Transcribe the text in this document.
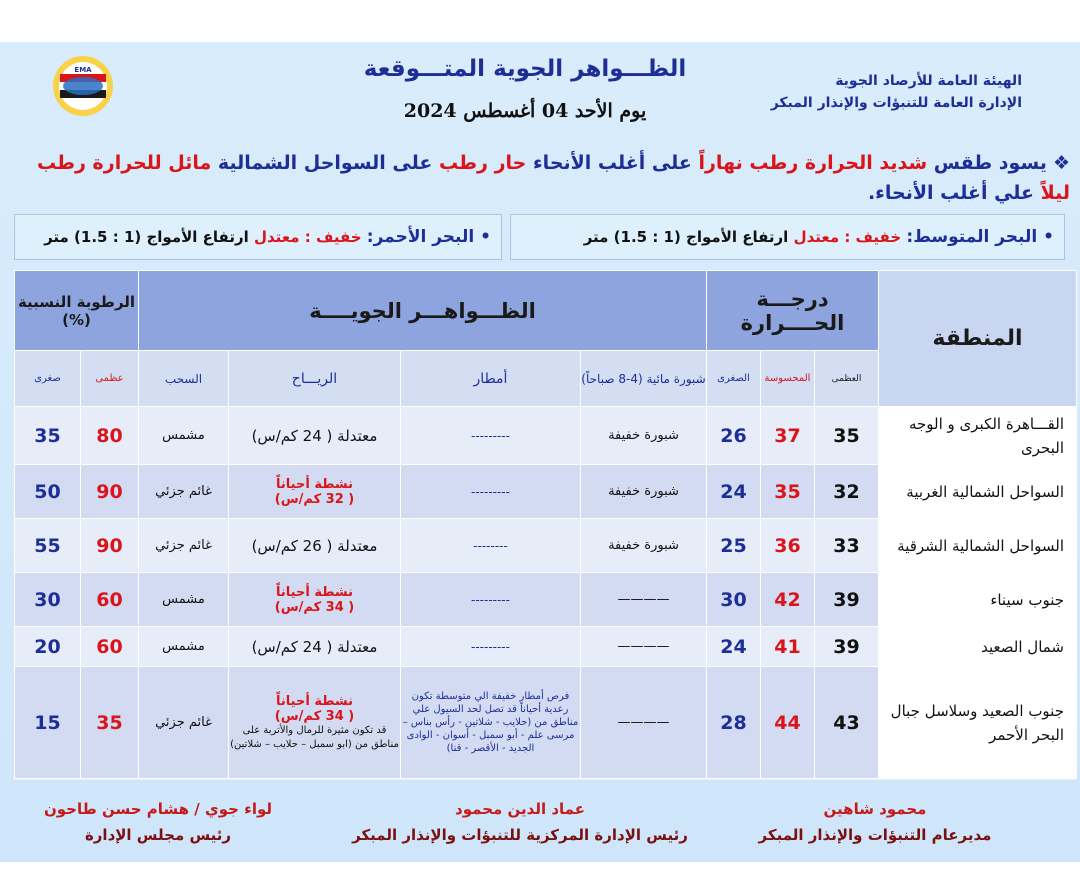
EMA
الهيئة العامة للأرصاد الجوية
الإدارة العامة للتنبؤات والإنذار المبكر
الظـــواهر الجوية المتـــوقعة
يوم الأحد 04 أغسطس 2024
❖يسود طقس شديد الحرارة رطب نهاراً على أغلب الأنحاء حار رطب على السواحل الشمالية مائل للحرارة رطب ليلاً علي أغلب الأنحاء.
• البحر المتوسط:

خفيف : معتدل

ارتفاع الأمواج (1 : 1.5) متر
• البحر الأحمر:

خفيف : معتدل

ارتفاع الأمواج (1 : 1.5) متر
المنطقة	درجـــة الحــــرارة			الظـــواهـــر الجويــــة				الرطوبة النسبية (%)	
	العظمى	المحسوسة	الصغرى	شبورة مائية (4-8 صباحاً)	أمطار	الريـــاح	السحب	عظمى	صغرى
القـــاهرة الكبرى و الوجه البحرى	35	37	26	شبورة خفيفة	---------	معتدلة ( 24 كم/س)	مشمس	80	35
السواحل الشمالية الغربية	32	35	24	شبورة خفيفة	---------	نشطة أحياناً
( 32 كم/س)	غائم جزئي	90	50
السواحل الشمالية الشرقية	33	36	25	شبورة خفيفة	--------	معتدلة ( 26 كم/س)	غائم جزئي	90	55
جنوب سيناء	39	42	30	————	---------	نشطة أحياناً
( 34 كم/س)	مشمس	60	30
شمال الصعيد	39	41	24	————	---------	معتدلة ( 24 كم/س)	مشمس	60	20
جنوب الصعيد وسلاسل جبال البحر الأحمر	43	44	28	————	فرص أمطار خفيفة الي متوسطة تكون رعدية أحياناً قد تصل لحد السيول علي مناطق من (حلايب - شلاتين - رأس بناس – مرسى علم - أبو سمبل - أسوان - الوادى الجديد - الأقصر - قنا)	نشطة أحياناً
( 34 كم/س)
قد تكون مثيرة للرمال والأتربة على مناطق من (ابو سمبل – حلايب – شلاتين)	غائم جزئي	35	15
محمود شاهين
مديرعام التنبؤات والإنذار المبكر
عماد الدين محمود
رئيس الإدارة المركزية للتنبؤات والإنذار المبكر
لواء جوي / هشام حسن طاحون
رئيس مجلس الإدارة
